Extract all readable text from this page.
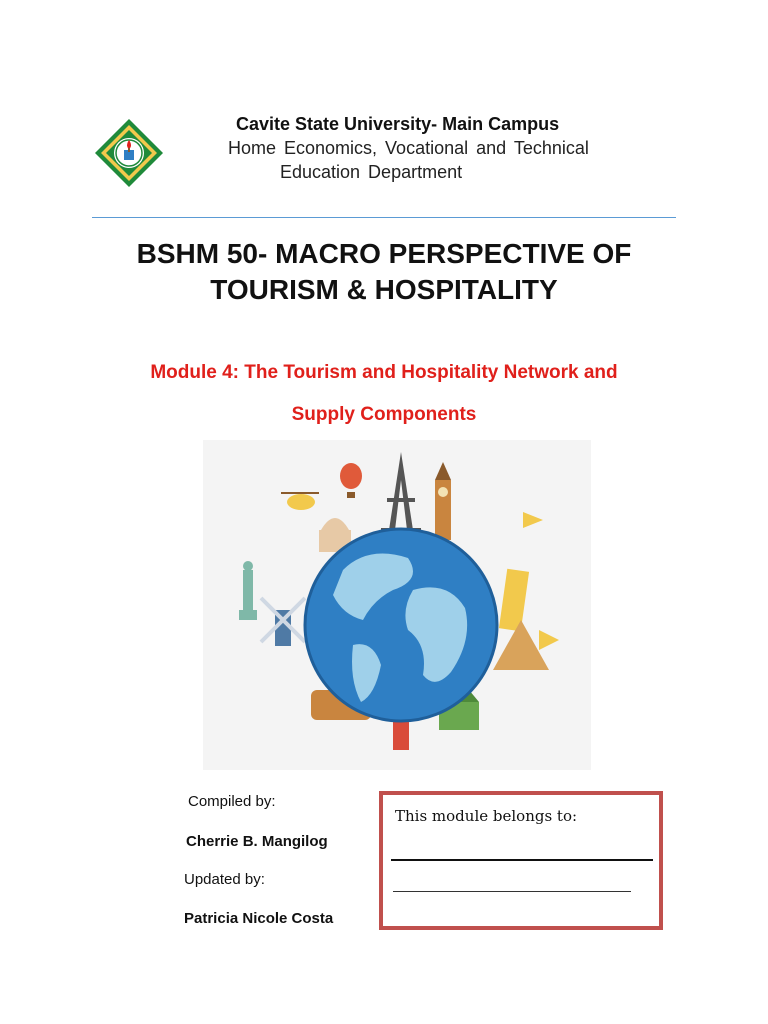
Cavite State University- Main Campus
Home Economics, Vocational and Technical
Education Department
BSHM 50- MACRO PERSPECTIVE OF
TOURISM & HOSPITALITY
Module 4: The Tourism and Hospitality Network and
Supply Components
Compiled by:
Cherrie B. Mangilog
Updated by:
Patricia Nicole Costa
This module belongs to:
